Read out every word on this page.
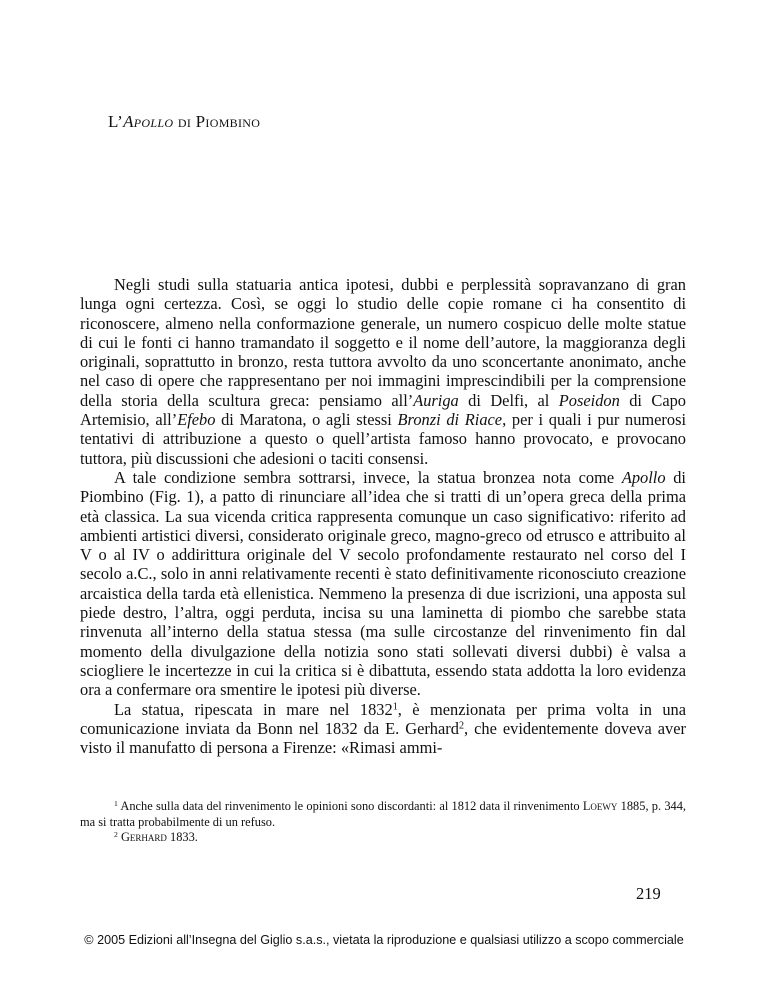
L’Apollo di Piombino

Negli studi sulla statuaria antica ipotesi, dubbi e perplessità sopravanzano di gran lunga ogni certezza. Così, se oggi lo studio delle copie romane ci ha consentito di riconoscere, almeno nella conformazione generale, un numero cospicuo delle molte statue di cui le fonti ci hanno tramandato il soggetto e il nome dell’autore, la maggioranza degli originali, soprattutto in bronzo, resta tuttora avvolto da uno sconcertante anonimato, anche nel caso di opere che rappresentano per noi immagini imprescindibili per la comprensione della storia della scultura greca: pensiamo all’Auriga di Delfi, al Poseidon di Capo Artemisio, all’Efebo di Maratona, o agli stessi Bronzi di Riace, per i quali i pur numerosi tentativi di attribuzione a questo o quell’artista famoso hanno provocato, e provocano tuttora, più discussioni che adesioni o taciti consensi.

A tale condizione sembra sottrarsi, invece, la statua bronzea nota come Apollo di Piombino (Fig. 1), a patto di rinunciare all’idea che si tratti di un’opera greca della prima età classica. La sua vicenda critica rappresenta comunque un caso significativo: riferito ad ambienti artistici diversi, considerato originale greco, magno-greco od etrusco e attribuito al V o al IV o addirittura originale del V secolo profondamente restaurato nel corso del I secolo a.C., solo in anni relativamente recenti è stato definitivamente riconosciuto creazione arcaistica della tarda età ellenistica. Nemmeno la presenza di due iscrizioni, una apposta sul piede destro, l’altra, oggi perduta, incisa su una laminetta di piombo che sarebbe stata rinvenuta all’interno della statua stessa (ma sulle circostanze del rinvenimento fin dal momento della divulgazione della notizia sono stati sollevati diversi dubbi) è valsa a sciogliere le incertezze in cui la critica si è dibattuta, essendo stata addotta la loro evidenza ora a confermare ora smentire le ipotesi più diverse.

La statua, ripescata in mare nel 1832$^1$, è menzionata per prima volta in una comunicazione inviata da Bonn nel 1832 da E. Gerhard$^2$, che evidentemente doveva aver visto il manufatto di persona a Firenze: «Rimasi ammi-

$^1$ Anche sulla data del rinvenimento le opinioni sono discordanti: al 1812 data il rinvenimento Loewy 1885, p. 344, ma si tratta probabilmente di un refuso.

$^2$ Gerhard 1833.

219
© 2005 Edizioni all’Insegna del Giglio s.a.s., vietata la riproduzione e qualsiasi utilizzo a scopo commerciale
